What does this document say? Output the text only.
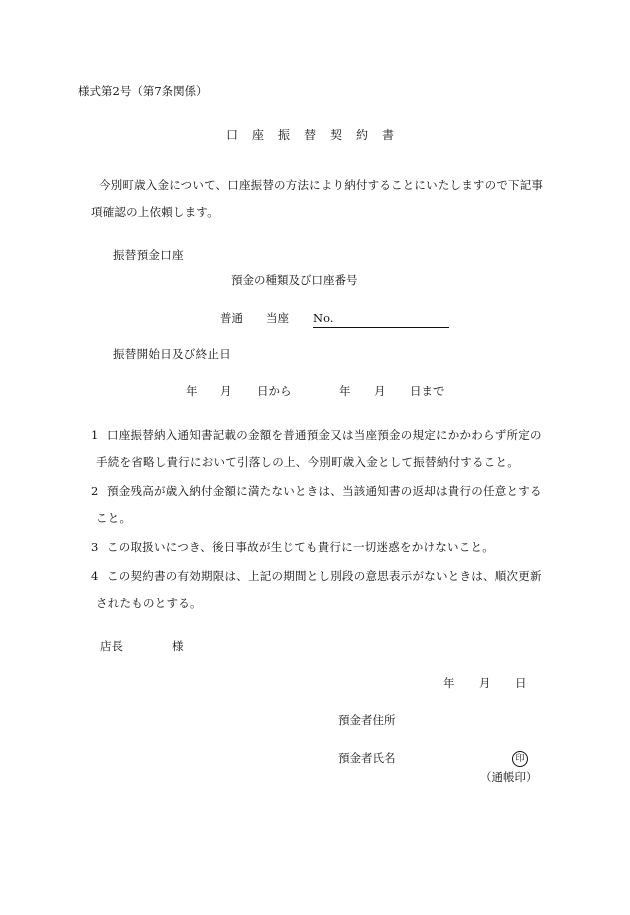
様式第2号（第7条関係）
口座振替契約書
今別町歳入金について、口座振替の方法により納付することにいたしますので下記事
項確認の上依頼します。
振替預金口座
預金の種類及び口座番号
普通 当座 No.
振替開始日及び終止日
年 月 日から	年 月 日まで
1 口座振替納入通知書記載の金額を普通預金又は当座預金の規定にかかわらず所定の
手続を省略し貴行において引落しの上、今別町歳入金として振替納付すること。
2 預金残高が歳入納付金額に満たないときは、当該通知書の返却は貴行の任意とする
こと。
3 この取扱いにつき、後日事故が生じても貴行に一切迷惑をかけないこと。
4 この契約書の有効期限は、上記の期間とし別段の意思表示がないときは、順次更新
されたものとする。
店長	様
年 月 日
預金者住所
預金者氏名	印
（通帳印）
